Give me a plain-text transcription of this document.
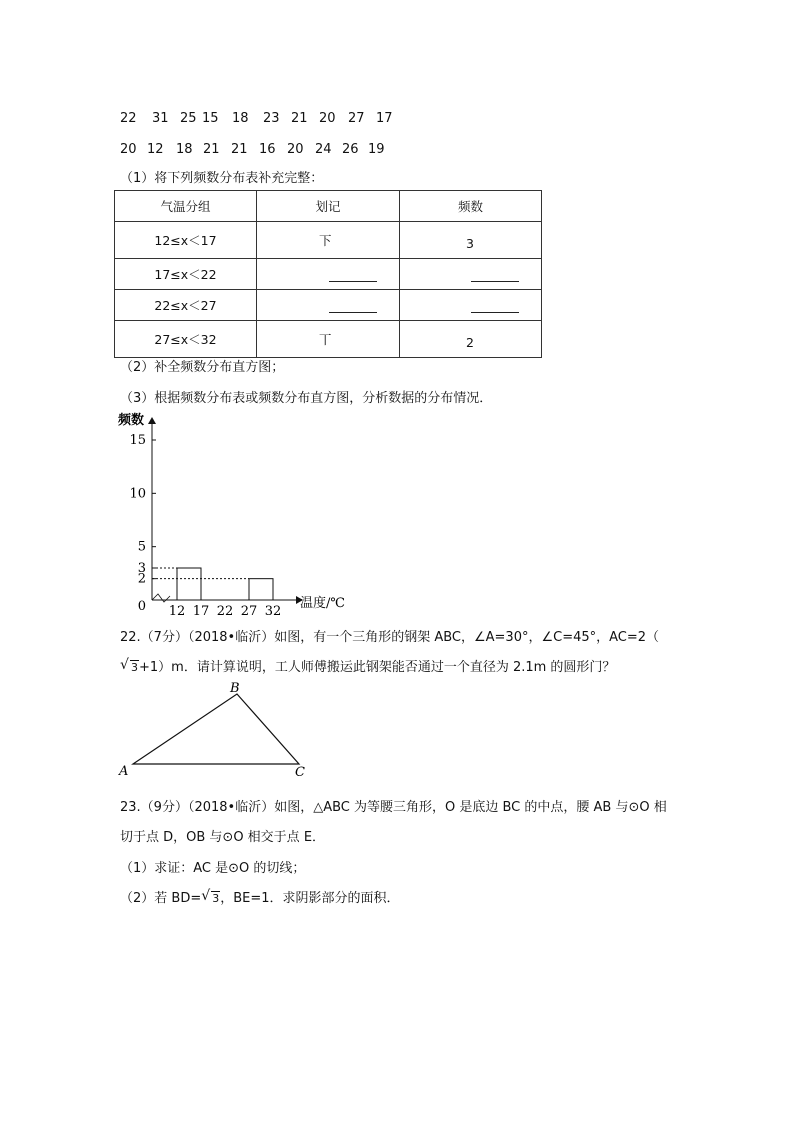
22 31 25 15 18 23 21 20 27 17
20 12 18 21 21 16 20 24 26 19
（1）将下列频数分布表补充完整：
气温分组	划记	频数
12≤x＜17	下	3
17≤x＜22		
22≤x＜27		
27≤x＜32	丅	2
（2）补全频数分布直方图；
（3）根据频数分布表或频数分布直方图，分析数据的分布情况．
频数
温度/℃
15
10
5
3
2
0 12 17 22 27 32
22.（7分）（2018•临沂）如图，有一个三角形的钢架 ABC，∠A=30°，∠C=45°，AC=2（
√ 3+1）m．请计算说明，工人师傅搬运此钢架能否通过一个直径为 2.1m 的圆形门？
A
B
C
23.（9分）（2018•临沂）如图，△ABC 为等腰三角形，O 是底边 BC 的中点，腰 AB 与⊙O 相
切于点 D，OB 与⊙O 相交于点 E．
（1）求证：AC 是⊙O 的切线；
（2）若 BD= √ 3，BE=1．求阴影部分的面积．
